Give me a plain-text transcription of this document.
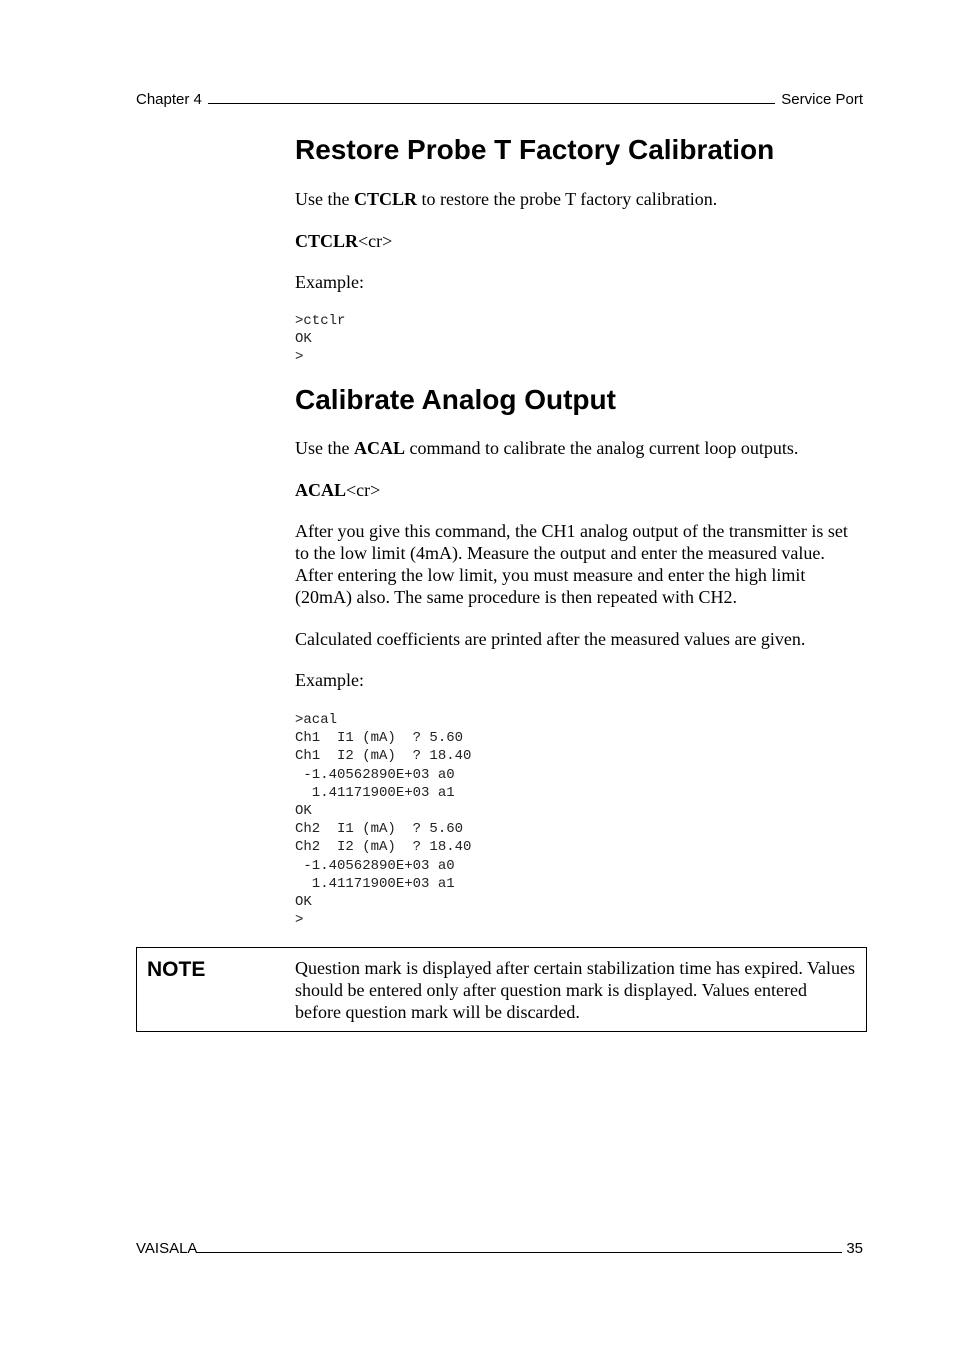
Chapter 4	Service Port
Restore Probe T Factory Calibration

Use the CTCLR to restore the probe T factory calibration.

CTCLR<cr>

Example:

>ctclr
OK
>
Calibrate Analog Output

Use the ACAL command to calibrate the analog current loop outputs.

ACAL<cr>

After you give this command, the CH1 analog output of the transmitter is set to the low limit (4mA). Measure the output and enter the measured value. After entering the low limit, you must measure and enter the high limit (20mA) also. The same procedure is then repeated with CH2.

Calculated coefficients are printed after the measured values are given.

Example:

>acal
Ch1  I1 (mA)  ? 5.60
Ch1  I2 (mA)  ? 18.40
-1.40562890E+03 a0
1.41171900E+03 a1
OK
Ch2  I1 (mA)  ? 5.60
Ch2  I2 (mA)  ? 18.40
-1.40562890E+03 a0
1.41171900E+03 a1
OK
>
NOTE	Question mark is displayed after certain stabilization time has expired. Values should be entered only after question mark is displayed. Values entered before question mark will be discarded.
VAISALA	35
